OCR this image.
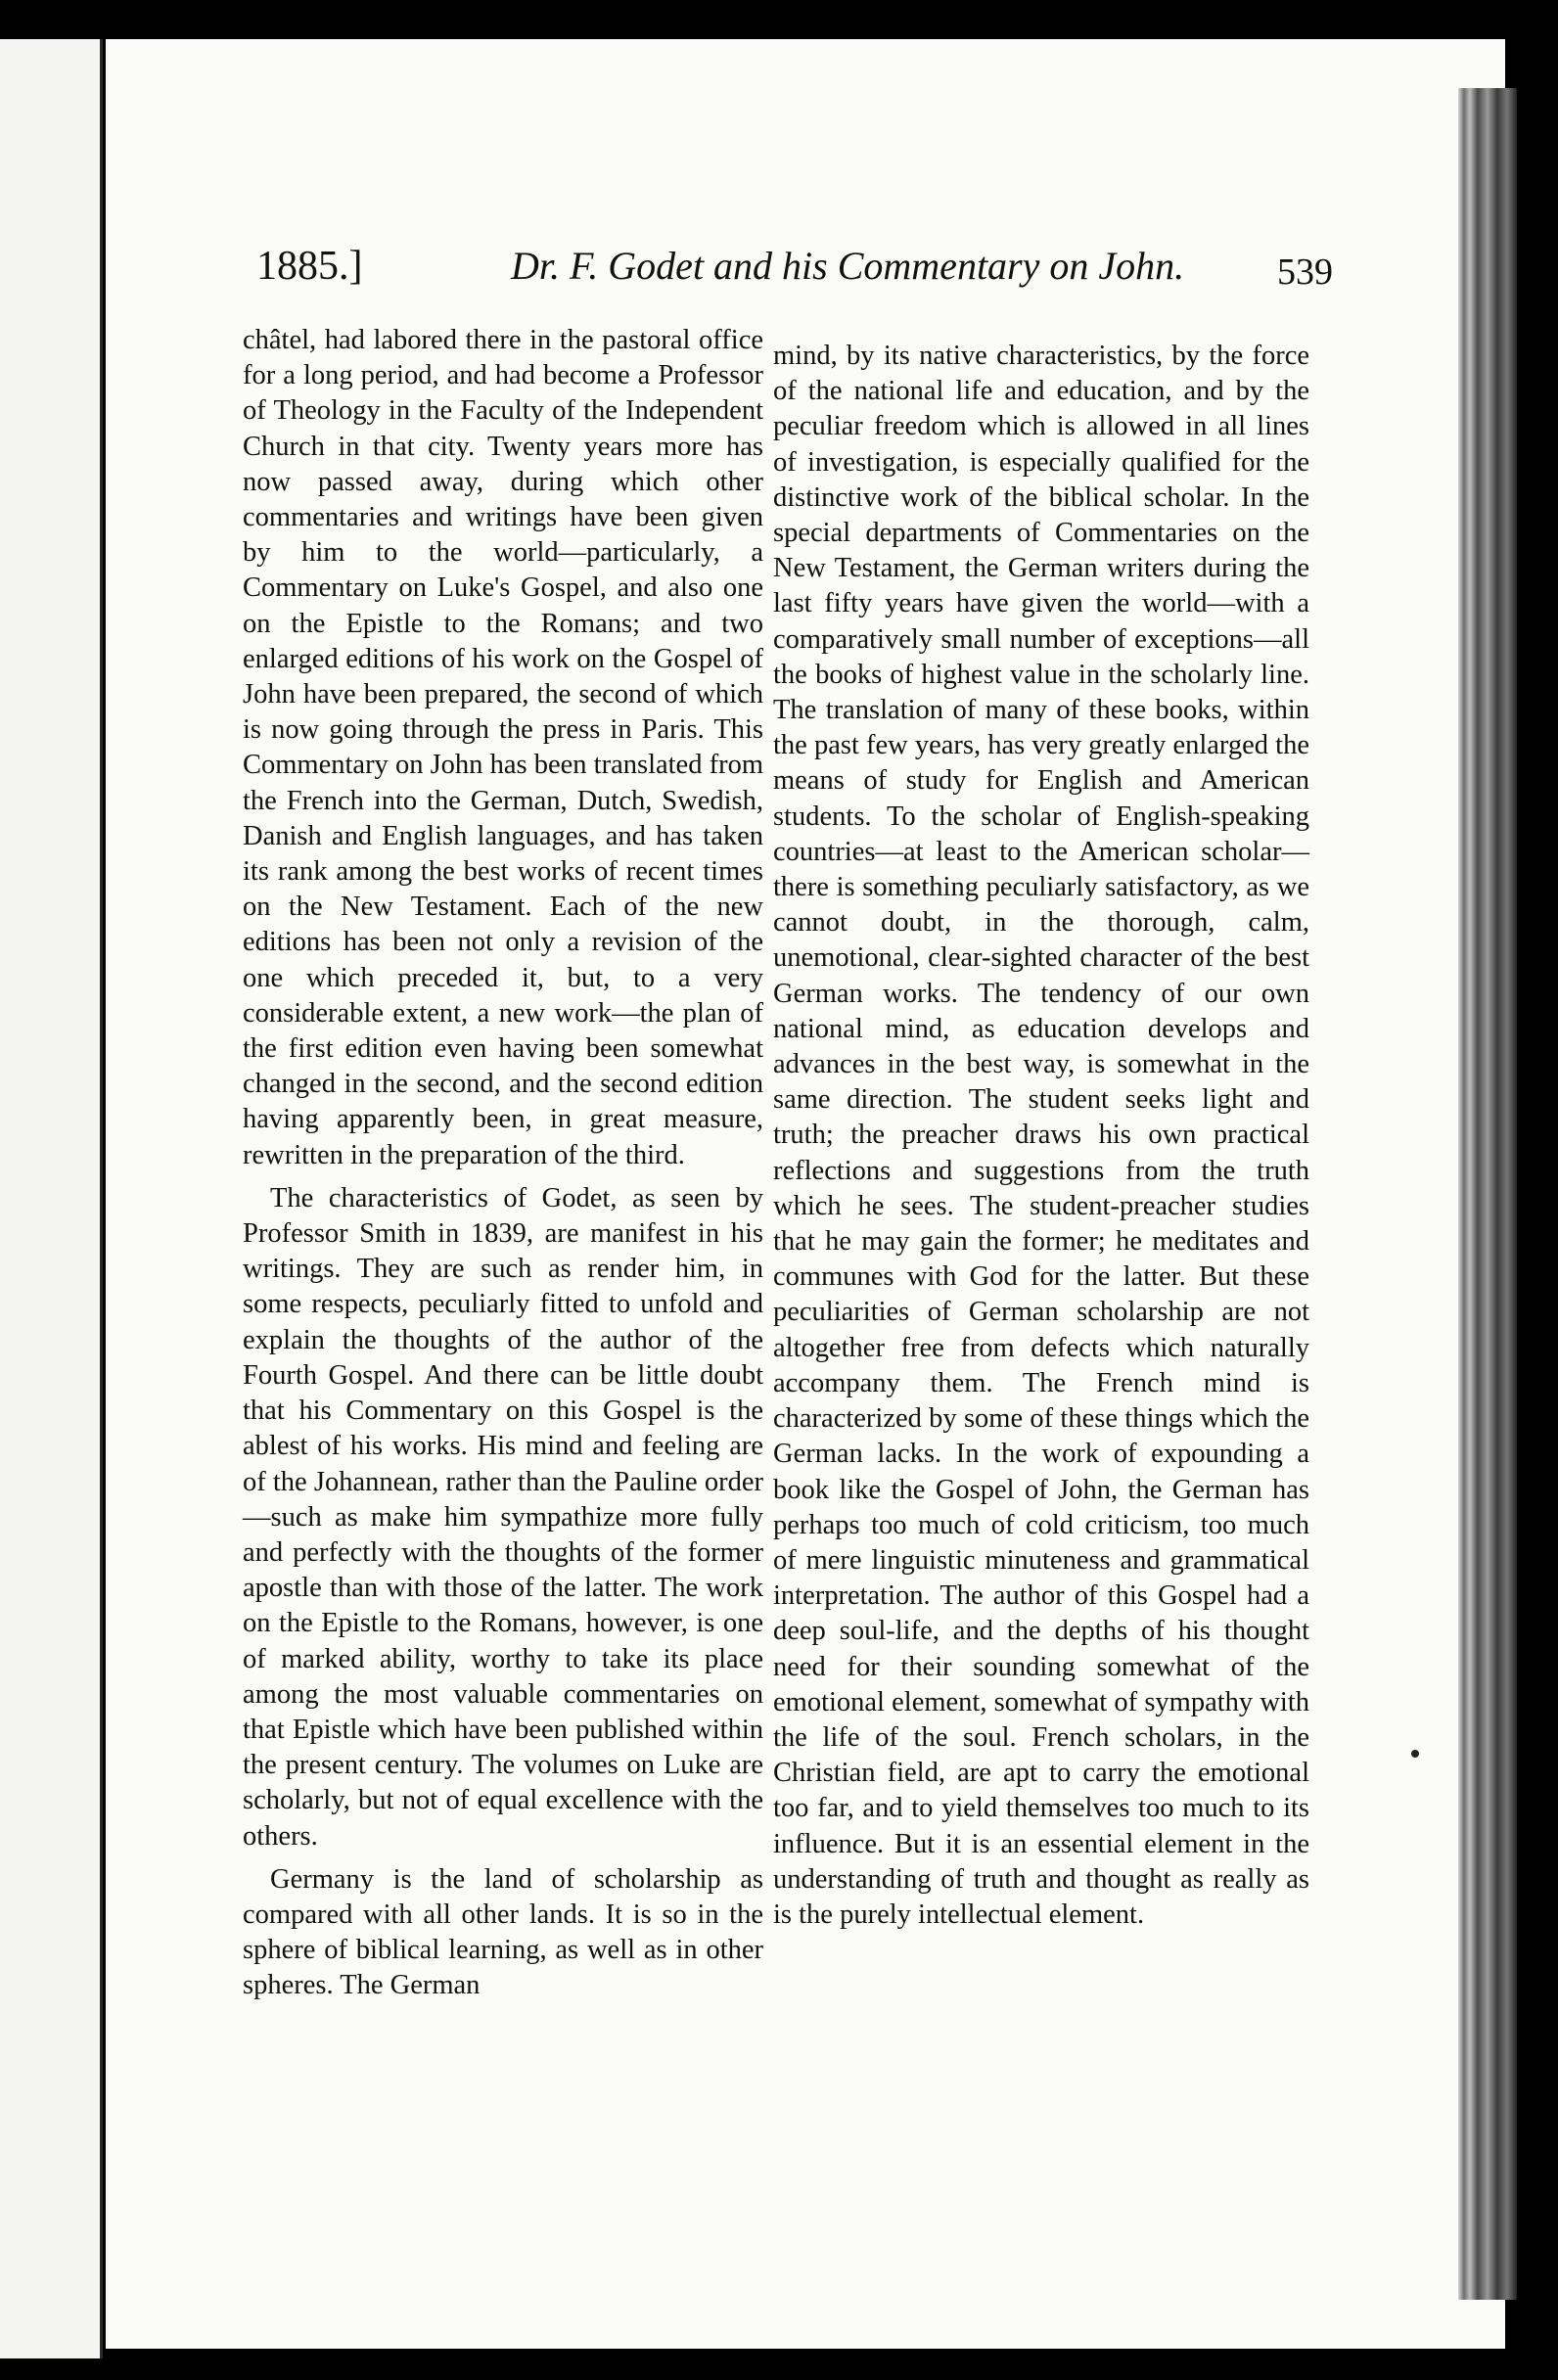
1885.]	Dr. F. Godet and his Commentary on John. 539

châtel, had labored there in the pastoral office for a long period, and had become a Professor of Theology in the Faculty of the Independent Church in that city. Twenty years more has now passed away, during which other commentaries and writings have been given by him to the world—particularly, a Commentary on Luke's Gospel, and also one on the Epistle to the Romans; and two enlarged editions of his work on the Gospel of John have been prepared, the second of which is now going through the press in Paris. This Commentary on John has been translated from the French into the German, Dutch, Swedish, Danish and English languages, and has taken its rank among the best works of recent times on the New Testament. Each of the new editions has been not only a revision of the one which preceded it, but, to a very considerable extent, a new work—the plan of the first edition even having been somewhat changed in the second, and the second edition having apparently been, in great measure, rewritten in the preparation of the third.

The characteristics of Godet, as seen by Professor Smith in 1839, are manifest in his writings. They are such as render him, in some respects, peculiarly fitted to unfold and explain the thoughts of the author of the Fourth Gospel. And there can be little doubt that his Commentary on this Gospel is the ablest of his works. His mind and feeling are of the Johannean, rather than the Pauline order—such as make him sympathize more fully and perfectly with the thoughts of the former apostle than with those of the latter. The work on the Epistle to the Romans, however, is one of marked ability, worthy to take its place among the most valuable commentaries on that Epistle which have been published within the present century. The volumes on Luke are scholarly, but not of equal excellence with the others.

Germany is the land of scholarship as compared with all other lands. It is so in the sphere of biblical learning, as well as in other spheres. The German

mind, by its native characteristics, by the force of the national life and education, and by the peculiar freedom which is allowed in all lines of investigation, is especially qualified for the distinctive work of the biblical scholar. In the special departments of Commentaries on the New Testament, the German writers during the last fifty years have given the world—with a comparatively small number of exceptions—all the books of highest value in the scholarly line. The translation of many of these books, within the past few years, has very greatly enlarged the means of study for English and American students. To the scholar of English-speaking countries—at least to the American scholar—there is something peculiarly satisfactory, as we cannot doubt, in the thorough, calm, unemotional, clear-sighted character of the best German works. The tendency of our own national mind, as education develops and advances in the best way, is somewhat in the same direction. The student seeks light and truth; the preacher draws his own practical reflections and suggestions from the truth which he sees. The student-preacher studies that he may gain the former; he meditates and communes with God for the latter. But these peculiarities of German scholarship are not altogether free from defects which naturally accompany them. The French mind is characterized by some of these things which the German lacks. In the work of expounding a book like the Gospel of John, the German has perhaps too much of cold criticism, too much of mere linguistic minuteness and grammatical interpretation. The author of this Gospel had a deep soul-life, and the depths of his thought need for their sounding somewhat of the emotional element, somewhat of sympathy with the life of the soul. French scholars, in the Christian field, are apt to carry the emotional too far, and to yield themselves too much to its influence. But it is an essential element in the understanding of truth and thought as really as is the purely intellectual element.
